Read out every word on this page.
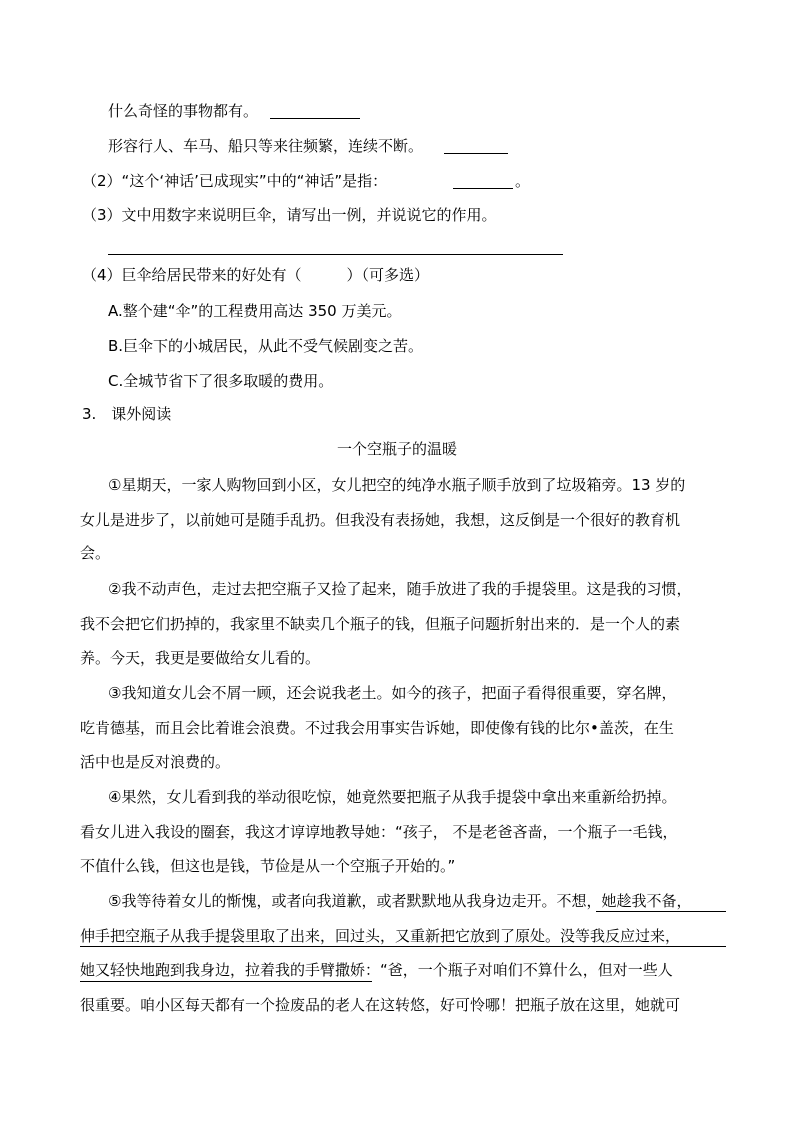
什么奇怪的事物都有。
形容行人、车马、船只等来往频繁，连续不断。
（2）“这个‘神话’已成现实”中的“神话”是指：	。
（3）文中用数字来说明巨伞，请写出一例，并说说它的作用。
（4）巨伞给居民带来的好处有（　　　）（可多选）
A.整个建“伞”的工程费用高达 350 万美元。
B.巨伞下的小城居民，从此不受气候剧变之苦。
C.全城节省下了很多取暖的费用。
3.　课外阅读
一个空瓶子的温暖
①星期天，一家人购物回到小区，女儿把空的纯净水瓶子顺手放到了垃圾箱旁。13 岁的
女儿是进步了，以前她可是随手乱扔。但我没有表扬她，我想，这反倒是一个很好的教育机
会。
②我不动声色，走过去把空瓶子又捡了起来，随手放进了我的手提袋里。这是我的习惯，
我不会把它们扔掉的，我家里不缺卖几个瓶子的钱，但瓶子问题折射出来的．是一个人的素
养。今天，我更是要做给女儿看的。
③我知道女儿会不屑一顾，还会说我老土。如今的孩子，把面子看得很重要，穿名牌，
吃肯德基，而且会比着谁会浪费。不过我会用事实告诉她，即使像有钱的比尔•盖茨，在生
活中也是反对浪费的。
④果然，女儿看到我的举动很吃惊，她竟然要把瓶子从我手提袋中拿出来重新给扔掉。
看女儿进入我设的圈套，我这才谆谆地教导她：“孩子， 不是老爸吝啬，一个瓶子一毛钱，
不值什么钱，但这也是钱，节俭是从一个空瓶子开始的。”
⑤我等待着女儿的惭愧，或者向我道歉，或者默默地从我身边走开。不想，她趁我不备，
伸手把空瓶子从我手提袋里取了出来，回过头，又重新把它放到了原处。没等我反应过来，
她又轻快地跑到我身边，拉着我的手臂撒娇：“爸，一个瓶子对咱们不算什么，但对一些人
很重要。咱小区每天都有一个捡废品的老人在这转悠，好可怜哪！把瓶子放在这里，她就可
